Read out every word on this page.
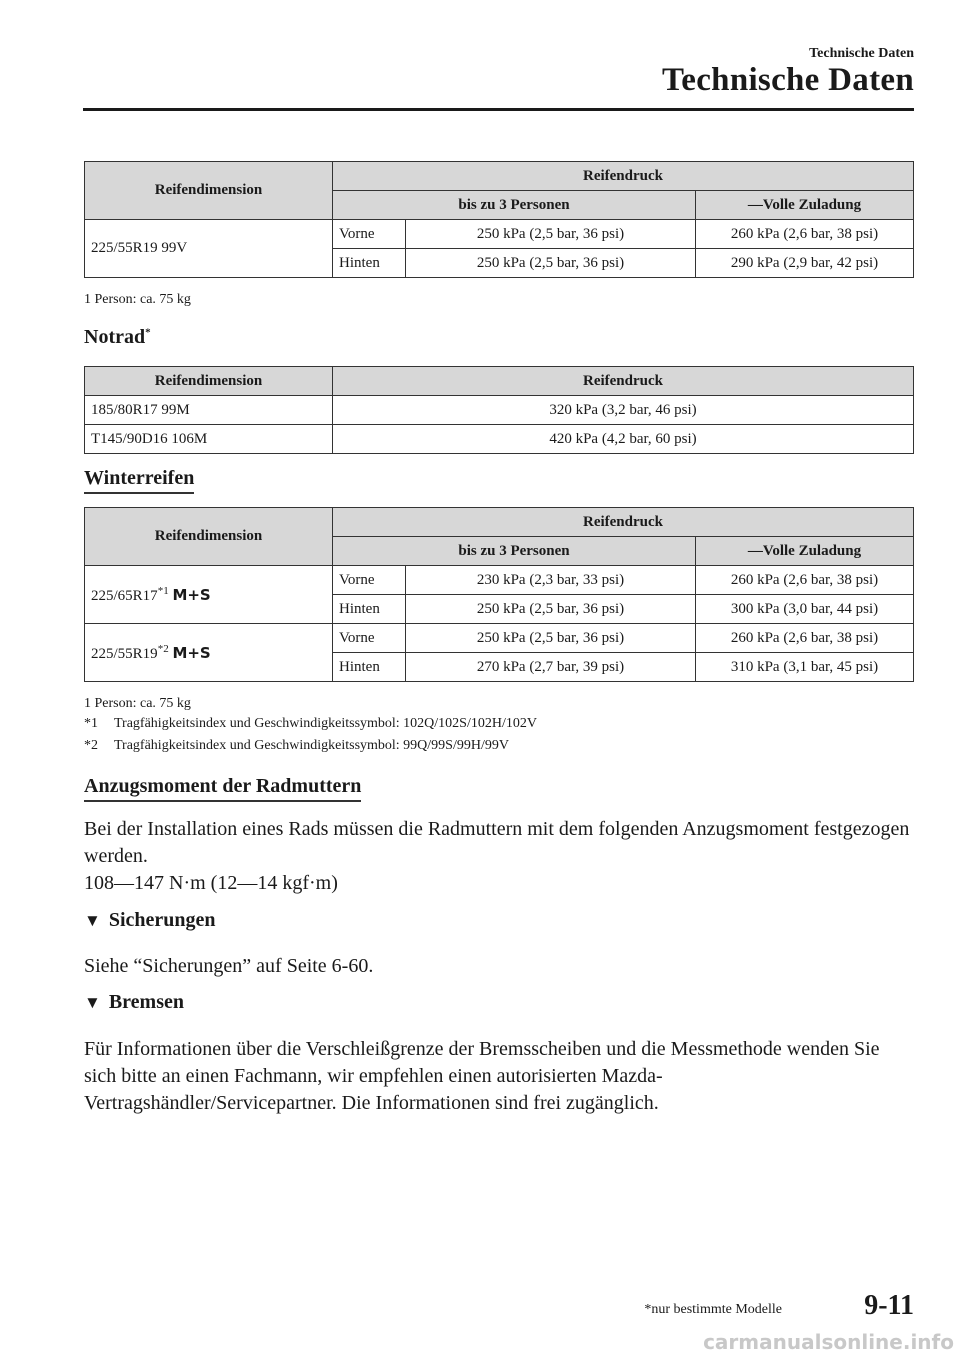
Technische Daten
Technische Daten
Reifendimension	Reifendruck		
	bis zu 3 Personen		―Volle Zuladung
225/55R19 99V	Vorne	250 kPa (2,5 bar, 36 psi)	260 kPa (2,6 bar, 38 psi)
	Hinten	250 kPa (2,5 bar, 36 psi)	290 kPa (2,9 bar, 42 psi)
1 Person: ca. 75 kg
Notrad*
Reifendimension	Reifendruck
185/80R17 99M	320 kPa (3,2 bar, 46 psi)
T145/90D16 106M	420 kPa (4,2 bar, 60 psi)
Winterreifen
Reifendimension	Reifendruck		
	bis zu 3 Personen		―Volle Zuladung
225/65R17$^{*1}$ M+S	Vorne	230 kPa (2,3 bar, 33 psi)	260 kPa (2,6 bar, 38 psi)
	Hinten	250 kPa (2,5 bar, 36 psi)	300 kPa (3,0 bar, 44 psi)
225/55R19$^{*2}$ M+S	Vorne	250 kPa (2,5 bar, 36 psi)	260 kPa (2,6 bar, 38 psi)
	Hinten	270 kPa (2,7 bar, 39 psi)	310 kPa (3,1 bar, 45 psi)
1 Person: ca. 75 kg
*1 Tragfähigkeitsindex und Geschwindigkeitssymbol: 102Q/102S/102H/102V
*2 Tragfähigkeitsindex und Geschwindigkeitssymbol: 99Q/99S/99H/99V
Anzugsmoment der Radmuttern
Bei der Installation eines Rads müssen die Radmuttern mit dem folgenden Anzugsmoment festgezogen werden.
108―147 N·m (12―14 kgf·m)
▼ Sicherungen
Siehe “Sicherungen” auf Seite 6-60.
▼ Bremsen
Für Informationen über die Verschleißgrenze der Bremsscheiben und die Messmethode wenden Sie sich bitte an einen Fachmann, wir empfehlen einen autorisierten Mazda-Vertragshändler/Servicepartner. Die Informationen sind frei zugänglich.
*nur bestimmte Modelle	9-11
carmanualsonline.info
